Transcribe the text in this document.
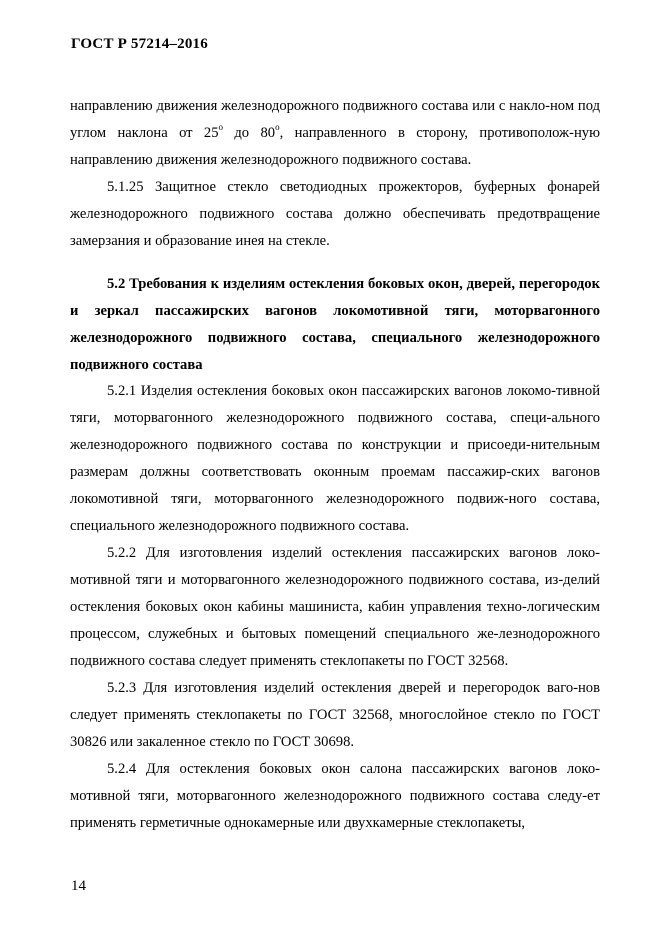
ГОСТ Р 57214–2016

направлению движения железнодорожного подвижного состава или с накло-ном под углом наклона от $25^о$ до $80^о$, направленного в сторону, противополож-ную направлению движения железнодорожного подвижного состава.

5.1.25 Защитное стекло светодиодных прожекторов, буферных фонарей железнодорожного подвижного состава должно обеспечивать предотвращение замерзания и образование инея на стекле.

5.2 Требования к изделиям остекления боковых окон, дверей, перегородок и зеркал пассажирских вагонов локомотивной тяги, моторвагонного железнодорожного подвижного состава, специального железнодорожного подвижного состава

5.2.1 Изделия остекления боковых окон пассажирских вагонов локомо-тивной тяги, моторвагонного железнодорожного подвижного состава, специ-ального железнодорожного подвижного состава по конструкции и присоеди-нительным размерам должны соответствовать оконным проемам пассажир-ских вагонов локомотивной тяги, моторвагонного железнодорожного подвиж-ного состава, специального железнодорожного подвижного состава.

5.2.2 Для изготовления изделий остекления пассажирских вагонов локо-мотивной тяги и моторвагонного железнодорожного подвижного состава, из-делий остекления боковых окон кабины машиниста, кабин управления техно-логическим процессом, служебных и бытовых помещений специального же-лезнодорожного подвижного состава следует применять стеклопакеты по ГОСТ 32568.

5.2.3 Для изготовления изделий остекления дверей и перегородок ваго-нов следует применять стеклопакеты по ГОСТ 32568, многослойное стекло по ГОСТ 30826 или закаленное стекло по ГОСТ 30698.

5.2.4 Для остекления боковых окон салона пассажирских вагонов локо-мотивной тяги, моторвагонного железнодорожного подвижного состава следу-ет применять герметичные однокамерные или двухкамерные стеклопакеты,

14
